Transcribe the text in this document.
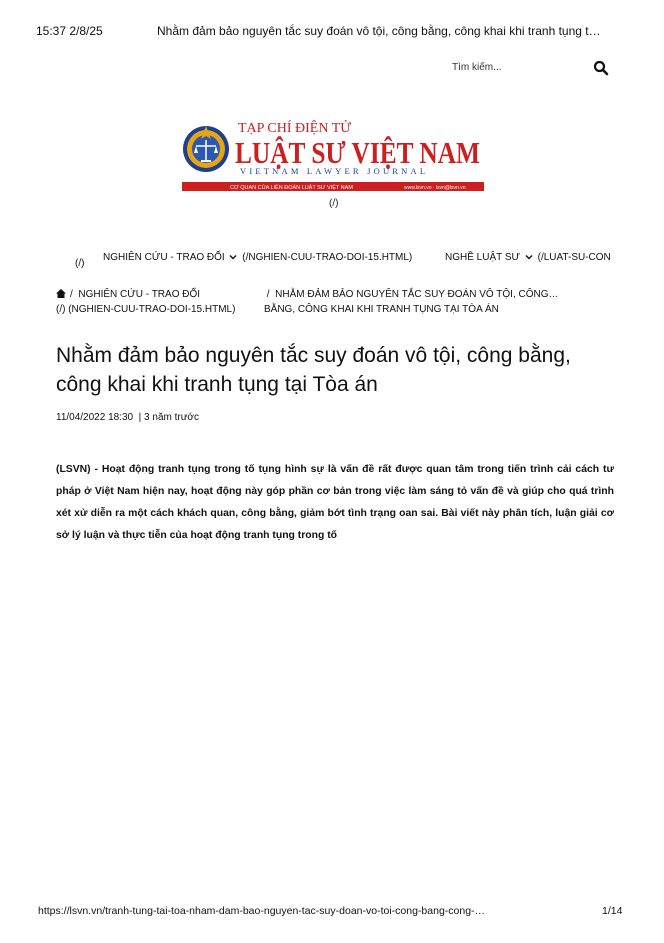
15:37 2/8/25	Nhằm đảm bảo nguyên tắc suy đoán vô tội, công bằng, công khai khi tranh tụng t…
Tìm kiếm...
TẠP CHÍ ĐIỆN TỬ
LUẬT SƯ VIỆT NAM
VIETNAM LAWYER JOURNAL
CƠ QUAN CỦA LIÊN ĐOÀN LUẬT SƯ VIỆT NAM	www.lsvn.vn · lsvn@lsvn.vn
(/)
(/)
NGHIÊN CỨU - TRAO ĐỔI (/NGHIEN-CUU-TRAO-DOI-15.HTML)	NGHỀ LUẬT SƯ (/LUAT-SU-CON
/ NGHIÊN CỨU - TRAO ĐỔI
(/) (NGHIEN-CUU-TRAO-DOI-15.HTML)
/ NHẰM ĐẢM BẢO NGUYÊN TẮC SUY ĐOÁN VÔ TỘI, CÔNG…
BẰNG, CÔNG KHAI KHI TRANH TỤNG TẠI TÒA ÁN
Nhằm đảm bảo nguyên tắc suy đoán vô tội, công bằng, công khai khi tranh tụng tại Tòa án
11/04/2022 18:30 | 3 năm trước
(LSVN) - Hoạt động tranh tụng trong tố tụng hình sự là vấn đề rất được quan tâm trong tiến trình cải cách tư pháp ở Việt Nam hiện nay, hoạt động này góp phần cơ bản trong việc làm sáng tỏ vấn đề và giúp cho quá trình xét xử diễn ra một cách khách quan, công bằng, giảm bớt tình trạng oan sai. Bài viết này phân tích, luận giải cơ sở lý luận và thực tiễn của hoạt động tranh tụng trong tố
https://lsvn.vn/tranh-tung-tai-toa-nham-dam-bao-nguyen-tac-suy-doan-vo-toi-cong-bang-cong-…	1/14
